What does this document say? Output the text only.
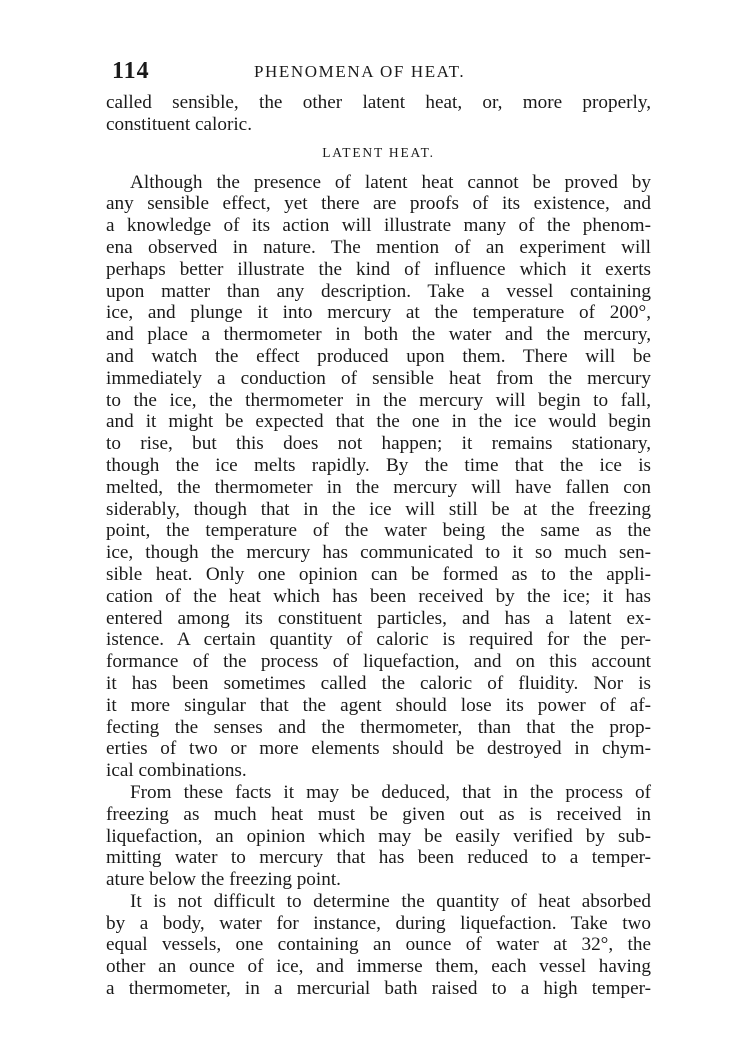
114	PHENOMENA OF HEAT.
called sensible, the other latent heat, or, more properly,
constituent caloric.
LATENT HEAT.
Although the presence of latent heat cannot be proved by
any sensible effect, yet there are proofs of its existence, and
a knowledge of its action will illustrate many of the phenom-
ena observed in nature. The mention of an experiment will
perhaps better illustrate the kind of influence which it exerts
upon matter than any description. Take a vessel containing
ice, and plunge it into mercury at the temperature of 200°,
and place a thermometer in both the water and the mercury,
and watch the effect produced upon them. There will be
immediately a conduction of sensible heat from the mercury
to the ice, the thermometer in the mercury will begin to fall,
and it might be expected that the one in the ice would begin
to rise, but this does not happen; it remains stationary,
though the ice melts rapidly. By the time that the ice is
melted, the thermometer in the mercury will have fallen con
siderably, though that in the ice will still be at the freezing
point, the temperature of the water being the same as the
ice, though the mercury has communicated to it so much sen-
sible heat. Only one opinion can be formed as to the appli-
cation of the heat which has been received by the ice; it has
entered among its constituent particles, and has a latent ex-
istence. A certain quantity of caloric is required for the per-
formance of the process of liquefaction, and on this account
it has been sometimes called the caloric of fluidity. Nor is
it more singular that the agent should lose its power of af-
fecting the senses and the thermometer, than that the prop-
erties of two or more elements should be destroyed in chym-
ical combinations.
From these facts it may be deduced, that in the process of
freezing as much heat must be given out as is received in
liquefaction, an opinion which may be easily verified by sub-
mitting water to mercury that has been reduced to a temper-
ature below the freezing point.
It is not difficult to determine the quantity of heat absorbed
by a body, water for instance, during liquefaction. Take two
equal vessels, one containing an ounce of water at 32°, the
other an ounce of ice, and immerse them, each vessel having
a thermometer, in a mercurial bath raised to a high temper-
